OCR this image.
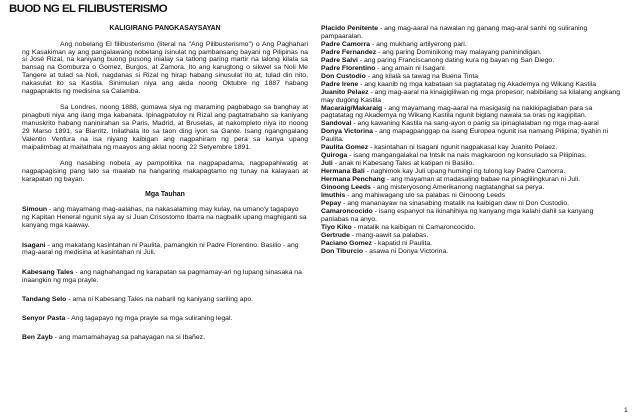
BUOD NG EL FILIBUSTERISMO
KALIGIRANG PANGKASAYSAYAN

Ang nobelang El filibusterismo (literal na "Ang Pilibusterismo") o Ang Paghahari ng Kasakiman ay ang pangalawang nobelang isinulat ng pambansang bayani ng Pilipinas na si José Rizal, na kaniyang buong pusong inialay sa tatlong paring martir na lalong kilala sa bansag na Gomburza o Gomez, Burgos, at Zamora. Ito ang karugtong o sikwel sa Noli Me Tangere at tulad sa Noli, nagdanas si Rizal ng hirap habang sinusulat ito at, tulad din nito, nakasulat ito sa Kastila. Sinimulan niya ang akda noong Oktubre ng 1887 habang nagpapraktis ng medisina sa Calamba.

Sa Londres, noong 1888, gumawa siya ng maraming pagbabago sa banghay at pinagbuti niya ang ilang mga kabanata. Ipinagpatuloy ni Rizal ang pagtatrabaho sa kaniyang manuskrito habang naninirahan sa Paris, Madrid, at Bruselas, at nakompleto niya ito noong 29 Marso 1891, sa Biarritz. Inilathala ito sa taon ding iyon sa Gante. Isang ngangngalang Valentin Ventura na isa niyang kaibigan ang nagpahiram ng pera sa kanya upang maipalimbag at mailathala ng maayos ang aklat noong 22 Setyembre 1891.

Ang nasabing nobela ay pampolitika na nagpapadama, nagpapahiwatig at nagpapagising pang lalo sa maalab na hangaring makapagtamo ng tunay na kalayaan at karapatan ng bayan.

Mga Tauhan

Simoun - ang mayamang mag-aalahas, na nakasalaming may kulay, na umano'y tagapayo ng Kapitan Heneral ngunit siya ay si Juan Crisostomo Ibarra na nagbalik upang maghiganti sa kanyang mga kaaway.

Isagani - ang makatang kasintahan ni Paulita, pamangkin ni Padre Florentino. Basilio - ang mag-aaral ng medisina at kasintahan ni Juli.

Kabesang Tales - ang naghahangad ng karapatan sa pagmamay-ari ng lupang sinasaka na inaangkin ng mga prayle.

Tandang Selo - ama ni Kabesang Tales na nabaril ng kaniyang sariling apo.

Senyor Pasta - Ang tagapayo ng mga prayle sa mga suliraning legal.

Ben Zayb - ang mamamahayag sa pahayagan na si Ibañez.

Placido Penitente - ang mag-aaral na nawalan ng ganang mag-aral sanhi ng suliraning pampaaralan.

Padre Camorra - ang mukhang artilyerong pari.

Padre Fernandez - ang paring Dominikong may malayang paninindigan.

Padre Salvi - ang paring Franciscanong dating kura ng bayan ng San Diego.

Padre Florentino - ang amain ni Isagani

Don Custodio - ang kilalà sa tawag na Buena Tinta

Padre Irene - ang kaanib ng mga kabataan sa pagtatatag ng Akademya ng Wikang Kastila

Juanito Pelaez - ang mag-aaral na kinagigiliwan ng mga propesor; nabibilang sa kilalang angkang may dugóng Kastila

Macaraig/Makaraig - ang mayamang mag-aaral na masigasig na nakikipaglaban para sa pagtatatag ng Akademya ng Wikang Kastila ngunit biglang nawala sa oras ng kagipitan.

Sandoval - ang kawaning Kastila na sang-ayon o panig sa ipinaglalaban ng mga mag-aaral

Donya Victorina - ang mapagpanggap na isang Europea ngunit isa namang Pilipina; tiyahin ni Paulita.

Paulita Gomez - kasintahan ni Isagani ngunit nagpakasal kay Juanito Pelaez.

Quiroga - isang mangangalakal na Intsik na nais magkaroon ng konsulado sa Pilipinas.

Juli - anak ni Kabesang Tales at katipan ni Basilio.

Hermana Bali - naghimok kay Juli upang humingi ng tulong kay Padre Camorra.

Hermana Penchang - ang mayaman at madasaling babae na pinaglilingkuran ni Juli.

Ginoong Leeds - ang misteryosong Amerikanong nagtatanghal sa perya.

Imuthis - ang mahiwagang ulo sa palabas ni Ginoong Leeds

Pepay - ang mananayaw na sinasabing matalik na kaibigan daw ni Don Custodio.

Camaroncocido - isang espanyol na ikinahihiya ng kanyang mga kalahi dahil sa kanyang panlabas na anyo.

Tiyo Kiko - matalik na kaibigan ni Camaroncocido.

Gertrude - mang-aawit sa palabas.

Paciano Gomez - kapatid ni Paulita.

Don Tiburcio - asawa ni Donya Victorina.

1
